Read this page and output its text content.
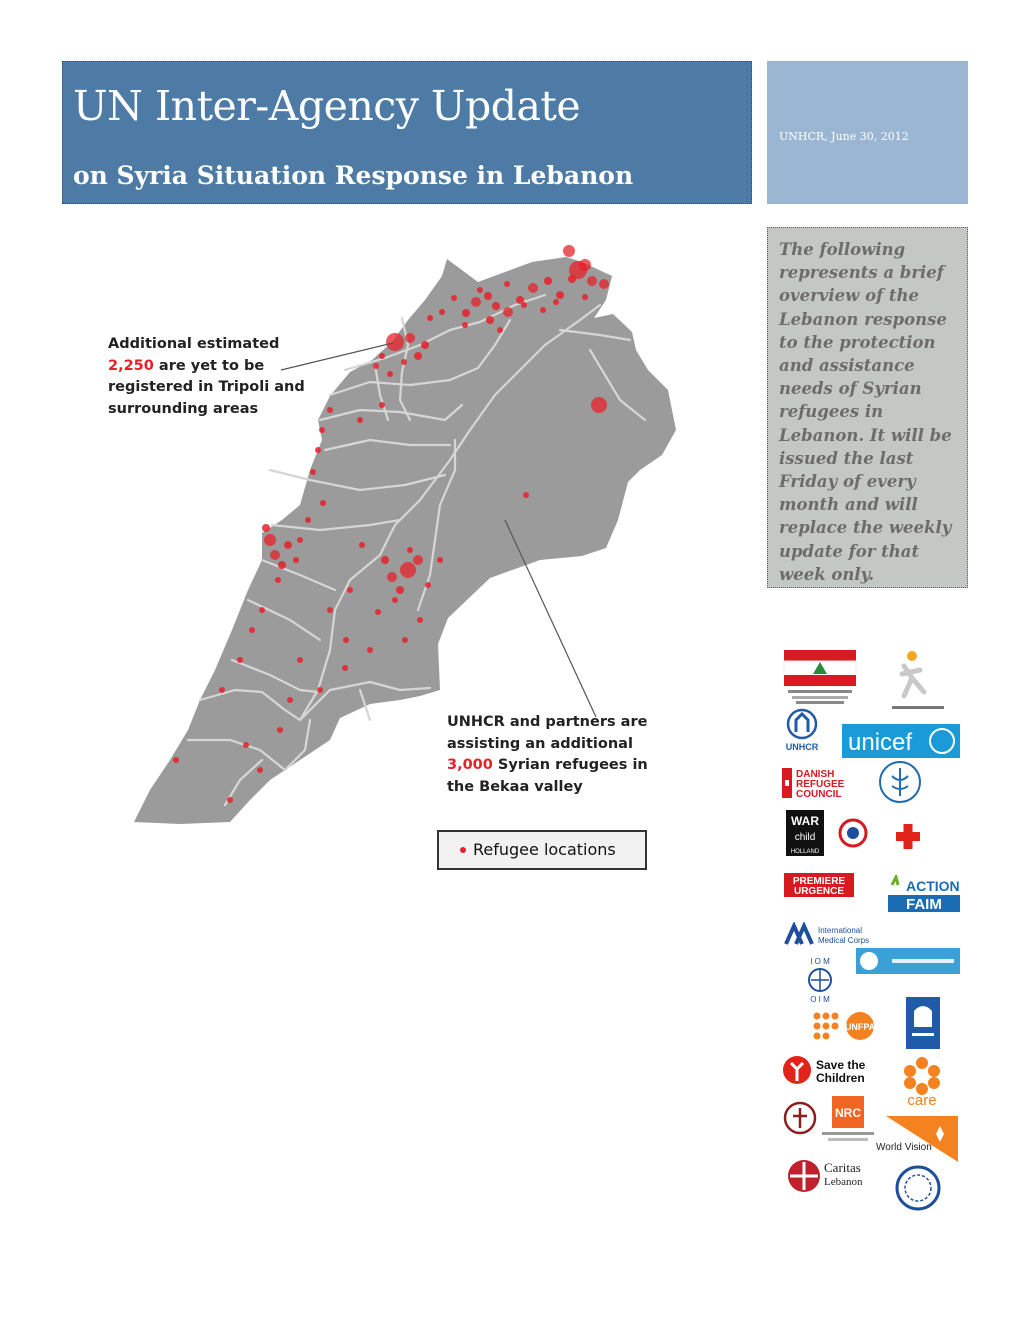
UN Inter-Agency Update
on Syria Situation Response in Lebanon
UNHCR, June 30, 2012

The following represents a brief overview of the Lebanon response to the protection and assistance needs of Syrian refugees in Lebanon. It will be issued the last Friday of every month and will replace the weekly update for that week only.

Additional estimated 2,250 are yet to be registered in Tripoli and surrounding areas

UNHCR and partners are assisting an additional 3,000 Syrian refugees in the Bekaa valley

Refugee locations
UNHCR unicef
DANISH
REFUGEE
COUNCIL
WAR
child
HOLLAND
PREMIERE
URGENCE	ACTION
FAIM
International
Medical Corps
I O M
O I M
UNFPA
Save the
Children
care
NRC
World Vision
Caritas
Lebanon
